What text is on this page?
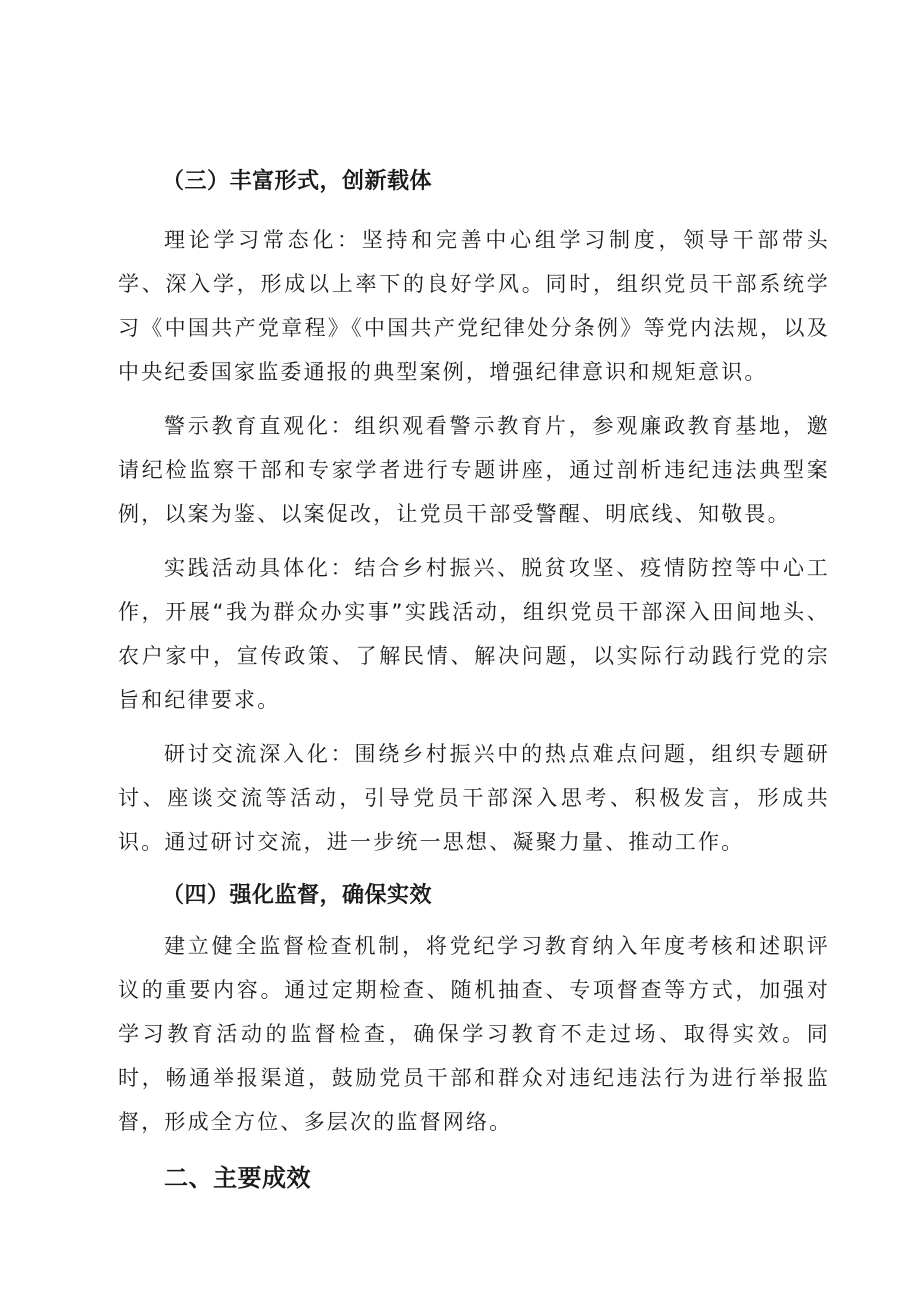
（三）丰富形式，创新载体

理论学习常态化：坚持和完善中心组学习制度，领导干部带头学、深入学，形成以上率下的良好学风。同时，组织党员干部系统学习《中国共产党章程》《中国共产党纪律处分条例》等党内法规，以及中央纪委国家监委通报的典型案例，增强纪律意识和规矩意识。

警示教育直观化：组织观看警示教育片，参观廉政教育基地，邀请纪检监察干部和专家学者进行专题讲座，通过剖析违纪违法典型案例，以案为鉴、以案促改，让党员干部受警醒、明底线、知敬畏。

实践活动具体化：结合乡村振兴、脱贫攻坚、疫情防控等中心工作，开展“我为群众办实事”实践活动，组织党员干部深入田间地头、农户家中，宣传政策、了解民情、解决问题，以实际行动践行党的宗旨和纪律要求。

研讨交流深入化：围绕乡村振兴中的热点难点问题，组织专题研讨、座谈交流等活动，引导党员干部深入思考、积极发言，形成共识。通过研讨交流，进一步统一思想、凝聚力量、推动工作。

（四）强化监督，确保实效

建立健全监督检查机制，将党纪学习教育纳入年度考核和述职评议的重要内容。通过定期检查、随机抽查、专项督查等方式，加强对学习教育活动的监督检查，确保学习教育不走过场、取得实效。同时，畅通举报渠道，鼓励党员干部和群众对违纪违法行为进行举报监督，形成全方位、多层次的监督网络。

二、主要成效
